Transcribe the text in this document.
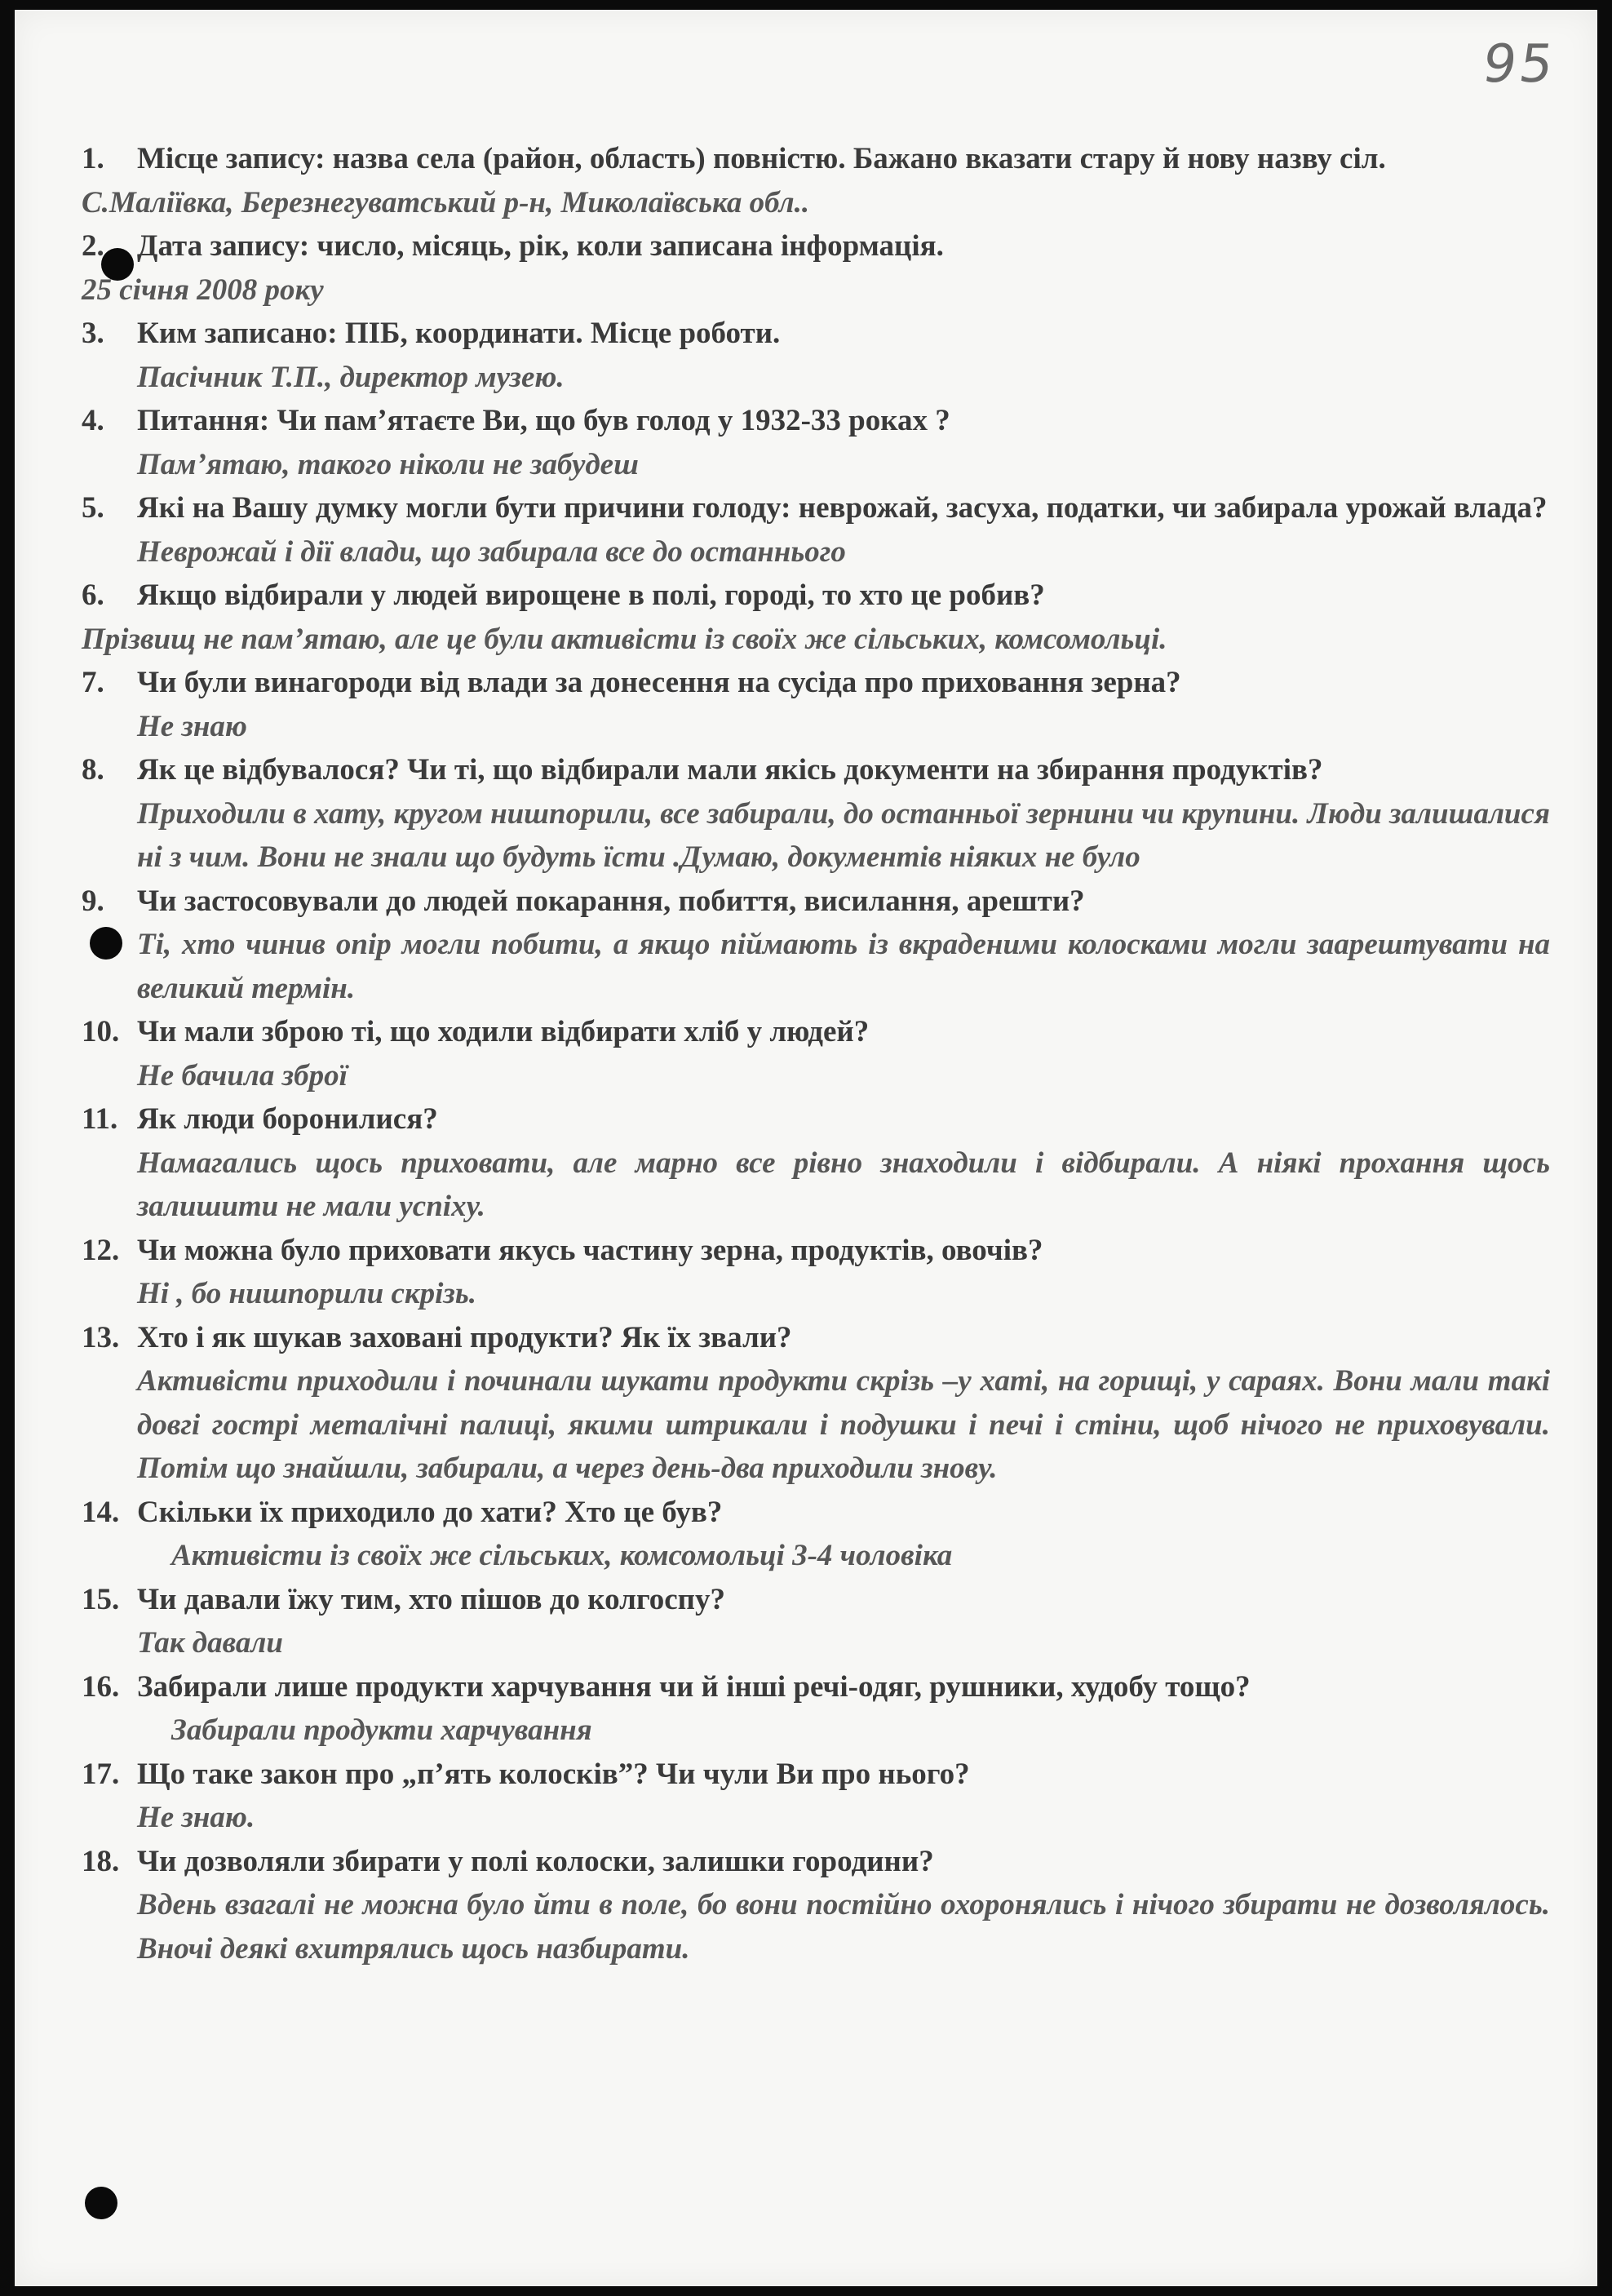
95

1. Місце запису: назва села (район, область) повністю. Бажано вказати стару й нову назву сіл.

С.Маліївка, Березнегуватський р-н, Миколаївська обл..

2. Дата запису: число, місяць, рік, коли записана інформація.

25 січня 2008 року

3. Ким записано: ПІБ, координати. Місце роботи.

Пасічник Т.П., директор музею.

4. Питання: Чи пам’ятаєте Ви, що був голод у 1932-33 роках ?

Пам’ятаю, такого ніколи не забудеш

5. Які на Вашу думку могли бути причини голоду: неврожай, засуха, податки, чи забирала урожай влада?

Неврожай і дії влади, що забирала все до останнього

6. Якщо відбирали у людей вирощене в полі, городі, то хто це робив?

Прізвищ не пам’ятаю, але це були активісти із своїх же сільських, комсомольці.

7. Чи були винагороди від влади за донесення на сусіда про приховання зерна?

Не знаю

8. Як це відбувалося? Чи ті, що відбирали мали якісь документи на збирання продуктів?

Приходили в хату, кругом нишпорили, все забирали, до останньої зернини чи крупини. Люди залишалися ні з чим. Вони не знали що будуть їсти .Думаю, документів ніяких не було

9. Чи застосовували до людей покарання, побиття, висилання, арешти?

Ті, хто чинив опір могли побити, а якщо піймають із вкраденими колосками могли заарештувати на великий термін.

10. Чи мали зброю ті, що ходили відбирати хліб у людей?

Не бачила зброї

11. Як люди боронилися?

Намагались щось приховати, але марно все рівно знаходили і відбирали. А ніякі прохання щось залишити не мали успіху.

12. Чи можна було приховати якусь частину зерна, продуктів, овочів?

Ні , бо нишпорили скрізь.

13. Хто і як шукав заховані продукти? Як їх звали?

Активісти приходили і починали шукати продукти скрізь –у хаті, на горищі, у сараях. Вони мали такі довгі гострі металічні палиці, якими штрикали і подушки і печі і стіни, щоб нічого не приховували. Потім що знайшли, забирали, а через день-два приходили знову.

14. Скільки їх приходило до хати? Хто це був?

Активісти із своїх же сільських, комсомольці 3-4 чоловіка

15. Чи давали їжу тим, хто пішов до колгоспу?

Так давали

16. Забирали лише продукти харчування чи й інші речі-одяг, рушники, худобу тощо?

Забирали продукти харчування

17. Що таке закон про „п’ять колосків”? Чи чули Ви про нього?

Не знаю.

18. Чи дозволяли збирати у полі колоски, залишки городини?

Вдень взагалі не можна було йти в поле, бо вони постійно охоронялись і нічого збирати не дозволялось. Вночі деякі вхитрялись щось назбирати.
